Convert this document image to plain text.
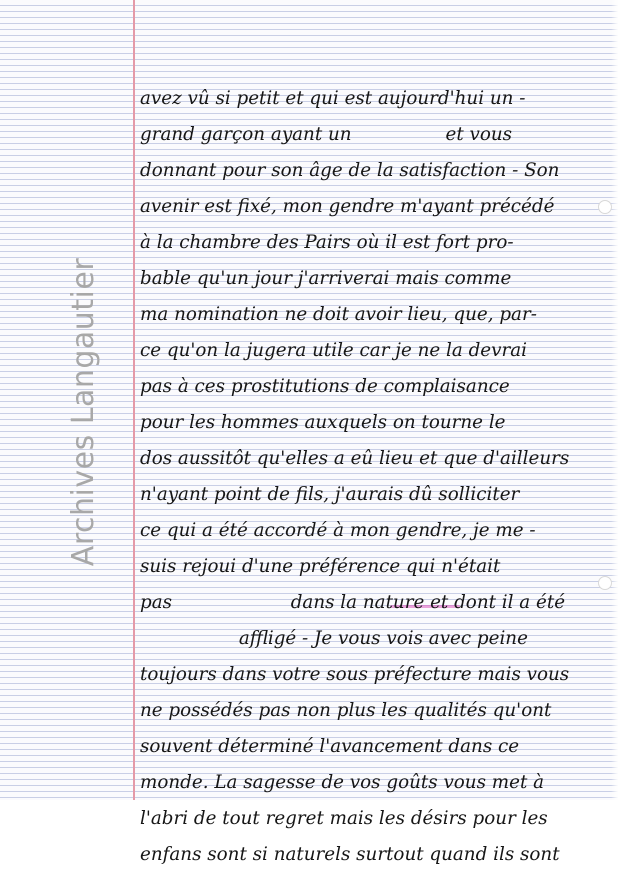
Archives Langautier
avez vû si petit et qui est aujourd'hui un -
grand garçon ayant un	et vous
donnant pour son âge de la satisfaction - Son
avenir est fixé, mon gendre m'ayant précédé
à la chambre des Pairs où il est fort pro-
bable qu'un jour j'arriverai mais comme
ma nomination ne doit avoir lieu, que, par-
ce qu'on la jugera utile car je ne la devrai
pas à ces prostitutions de complaisance
pour les hommes auxquels on tourne le
dos aussitôt qu'elles a eû lieu et que d'ailleurs
n'ayant point de fils, j'aurais dû solliciter
ce qui a été accordé à mon gendre, je me -
suis rejoui d'une préférence qui n'était
pas	dans la nature et dont il a été
affligé - Je vous vois avec peine
toujours dans votre sous préfecture mais vous
ne possédés pas non plus les qualités qu'ont
souvent déterminé l'avancement dans ce
monde. La sagesse de vos goûts vous met à
l'abri de tout regret mais les désirs pour les
enfans sont si naturels surtout quand ils sont
